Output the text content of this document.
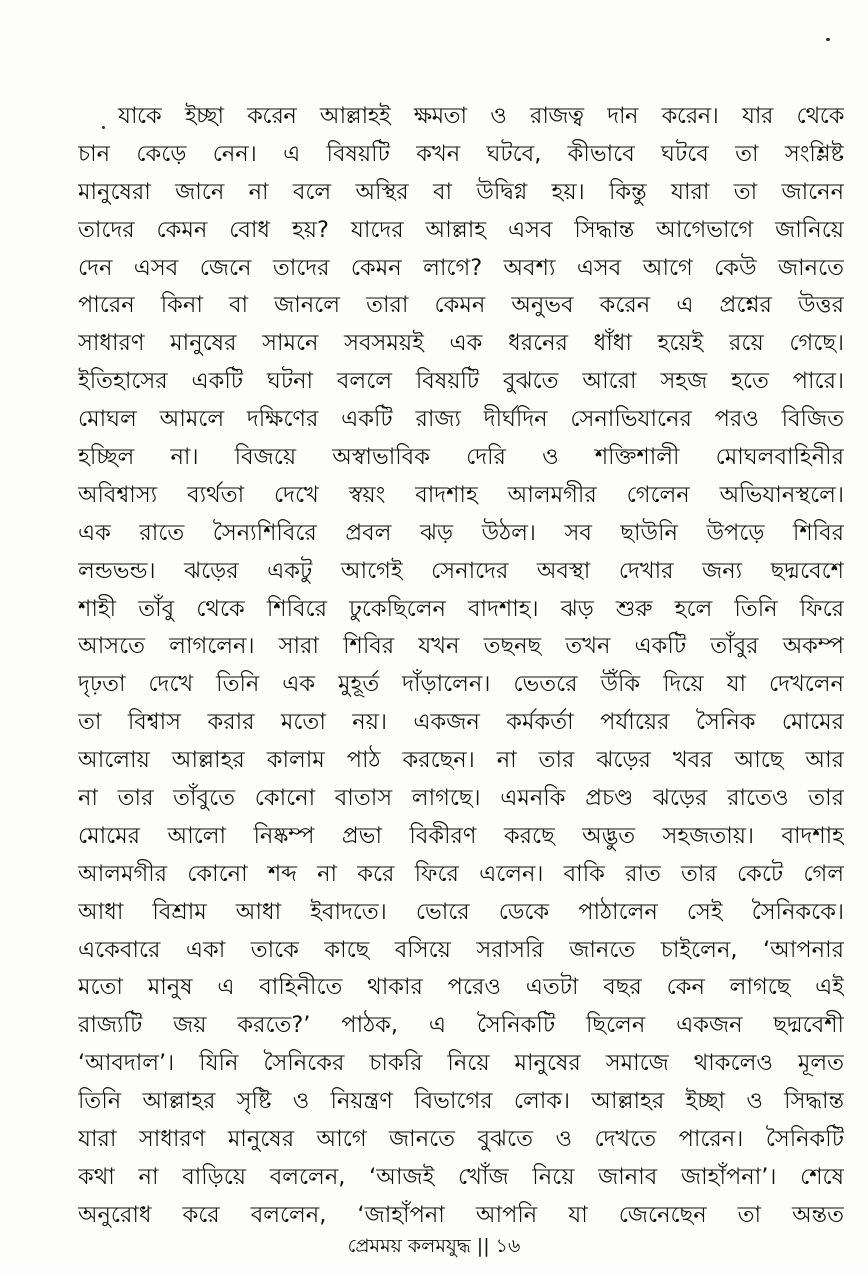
যাকে ইচ্ছা করেন আল্লাহই ক্ষমতা ও রাজত্ব দান করেন। যার থেকে
চান কেড়ে নেন। এ বিষয়টি কখন ঘটবে, কীভাবে ঘটবে তা সংশ্লিষ্ট
মানুষেরা জানে না বলে অস্থির বা উদ্বিগ্ন হয়। কিন্তু যারা তা জানেন
তাদের কেমন বোধ হয়? যাদের আল্লাহ এসব সিদ্ধান্ত আগেভাগে জানিয়ে
দেন এসব জেনে তাদের কেমন লাগে? অবশ্য এসব আগে কেউ জানতে
পারেন কিনা বা জানলে তারা কেমন অনুভব করেন এ প্রশ্নের উত্তর
সাধারণ মানুষের সামনে সবসময়ই এক ধরনের ধাঁধা হয়েই রয়ে গেছে।
ইতিহাসের একটি ঘটনা বললে বিষয়টি বুঝতে আরো সহজ হতে পারে।
মোঘল আমলে দক্ষিণের একটি রাজ্য দীর্ঘদিন সেনাভিযানের পরও বিজিত
হচ্ছিল না। বিজয়ে অস্বাভাবিক দেরি ও শক্তিশালী মোঘলবাহিনীর
অবিশ্বাস্য ব্যর্থতা দেখে স্বয়ং বাদশাহ আলমগীর গেলেন অভিযানস্থলে।
এক রাতে সৈন্যশিবিরে প্রবল ঝড় উঠল। সব ছাউনি উপড়ে শিবির
লন্ডভন্ড। ঝড়ের একটু আগেই সেনাদের অবস্থা দেখার জন্য ছদ্মবেশে
শাহী তাঁবু থেকে শিবিরে ঢুকেছিলেন বাদশাহ। ঝড় শুরু হলে তিনি ফিরে
আসতে লাগলেন। সারা শিবির যখন তছনছ তখন একটি তাঁবুর অকম্প
দৃঢ়তা দেখে তিনি এক মুহূর্ত দাঁড়ালেন। ভেতরে উঁকি দিয়ে যা দেখলেন
তা বিশ্বাস করার মতো নয়। একজন কর্মকর্তা পর্যায়ের সৈনিক মোমের
আলোয় আল্লাহর কালাম পাঠ করছেন। না তার ঝড়ের খবর আছে আর
না তার তাঁবুতে কোনো বাতাস লাগছে। এমনকি প্রচণ্ড ঝড়ের রাতেও তার
মোমের আলো নিষ্কম্প প্রভা বিকীরণ করছে অদ্ভুত সহজতায়। বাদশাহ
আলমগীর কোনো শব্দ না করে ফিরে এলেন। বাকি রাত তার কেটে গেল
আধা বিশ্রাম আধা ইবাদতে। ভোরে ডেকে পাঠালেন সেই সৈনিককে।
একেবারে একা তাকে কাছে বসিয়ে সরাসরি জানতে চাইলেন, ‘আপনার
মতো মানুষ এ বাহিনীতে থাকার পরেও এতটা বছর কেন লাগছে এই
রাজ্যটি জয় করতে?’ পাঠক, এ সৈনিকটি ছিলেন একজন ছদ্মবেশী
‘আবদাল’। যিনি সৈনিকের চাকরি নিয়ে মানুষের সমাজে থাকলেও মূলত
তিনি আল্লাহর সৃষ্টি ও নিয়ন্ত্রণ বিভাগের লোক। আল্লাহর ইচ্ছা ও সিদ্ধান্ত
যারা সাধারণ মানুষের আগে জানতে বুঝতে ও দেখতে পারেন। সৈনিকটি
কথা না বাড়িয়ে বললেন, ‘আজই খোঁজ নিয়ে জানাব জাহাঁপনা’। শেষে
অনুরোধ করে বললেন, ‘জাহাঁপনা আপনি যা জেনেছেন তা অন্তত
প্রেমময় কলমযুদ্ধ || ১৬
